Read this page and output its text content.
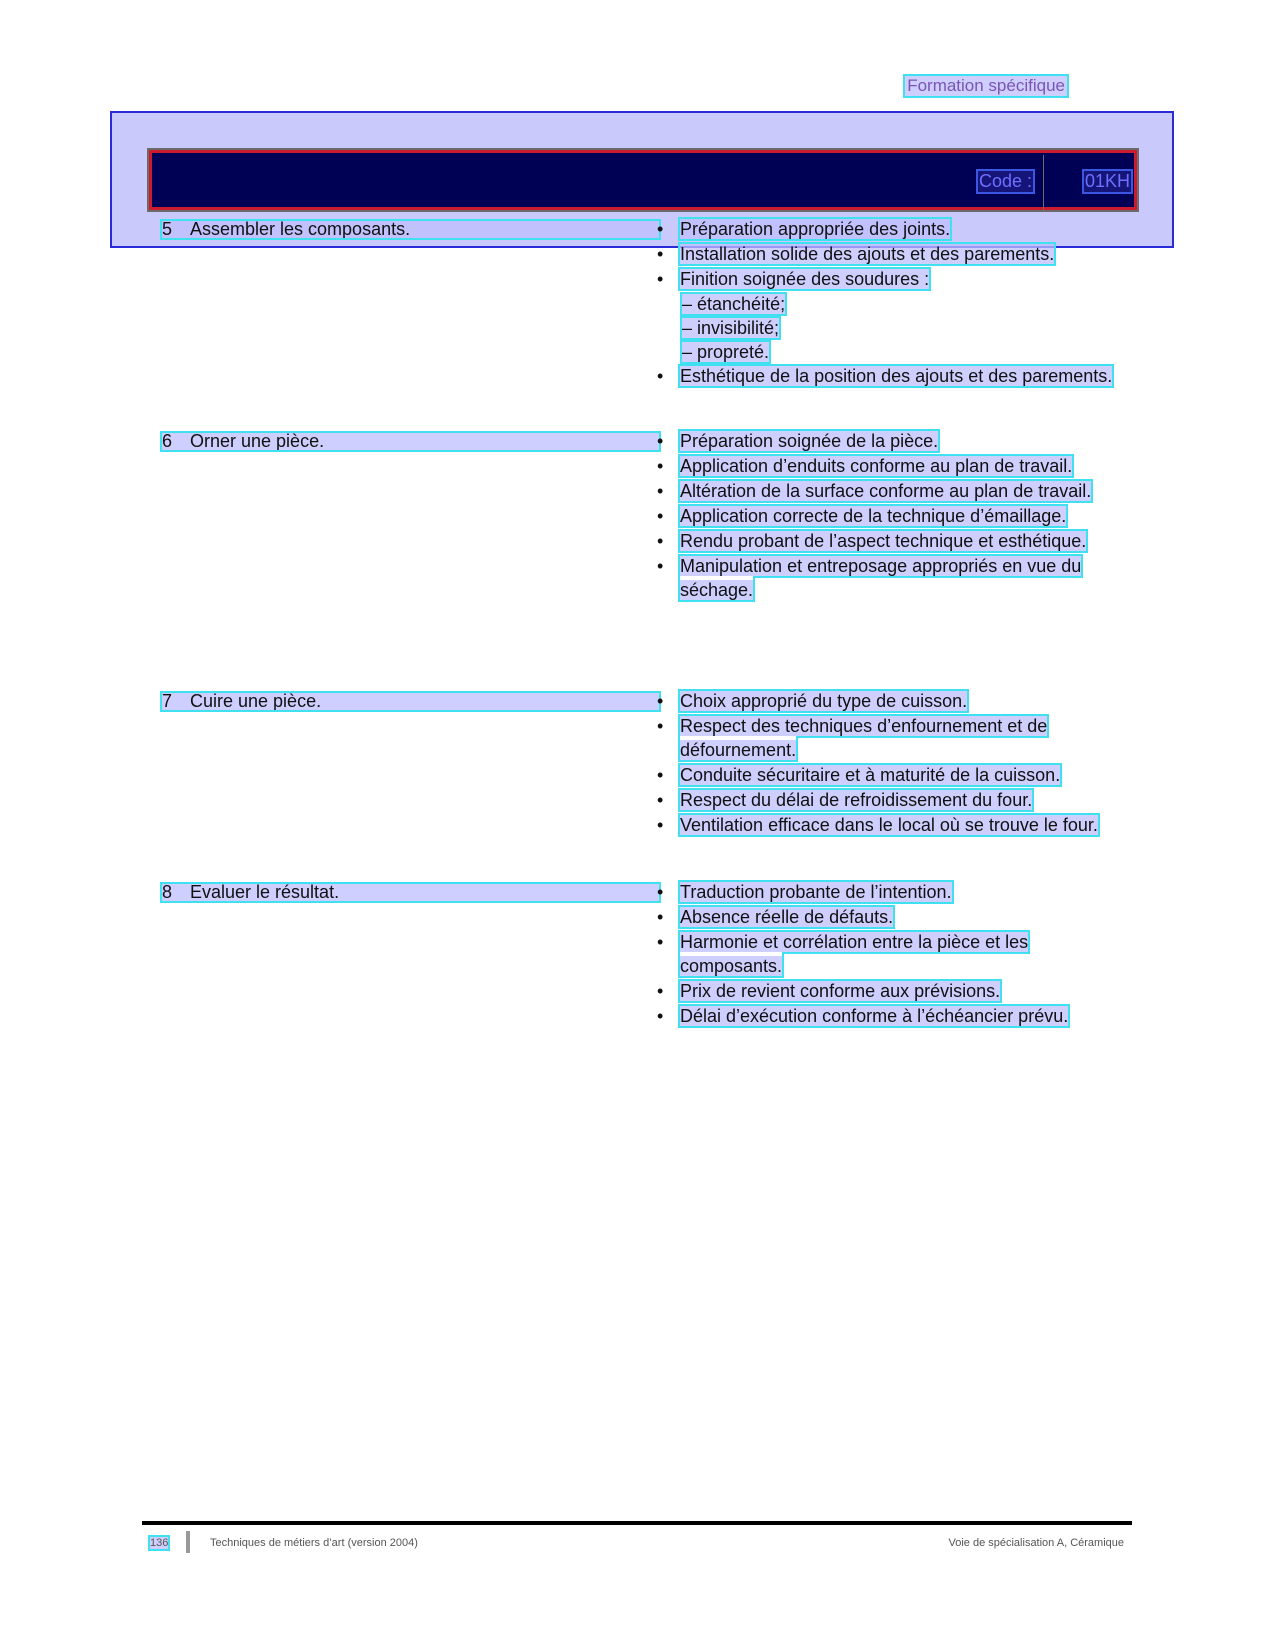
Formation spécifique
Code :	01KH
5 Assembler les composants.	• Préparation appropriée des joints.
• Installation solide des ajouts et des parements.
• Finition soignée des soudures :
– étanchéité;
– invisibilité;
– propreté.
• Esthétique de la position des ajouts et des parements.
6 Orner une pièce.	• Préparation soignée de la pièce.
• Application d’enduits conforme au plan de travail.
• Altération de la surface conforme au plan de travail.
• Application correcte de la technique d’émaillage.
• Rendu probant de l’aspect technique et esthétique.
• Manipulation et entreposage appropriés en vue du séchage.
7 Cuire une pièce.	• Choix approprié du type de cuisson.
• Respect des techniques d’enfournement et de défournement.
• Conduite sécuritaire et à maturité de la cuisson.
• Respect du délai de refroidissement du four.
• Ventilation efficace dans le local où se trouve le four.
8 Évaluer le résultat.	• Traduction probante de l’intention.
• Absence réelle de défauts.
• Harmonie et corrélation entre la pièce et les composants.
• Prix de revient conforme aux prévisions.
• Délai d’exécution conforme à l’échéancier prévu.
136	Techniques de métiers d’art (version 2004)	Voie de spécialisation A, Céramique
